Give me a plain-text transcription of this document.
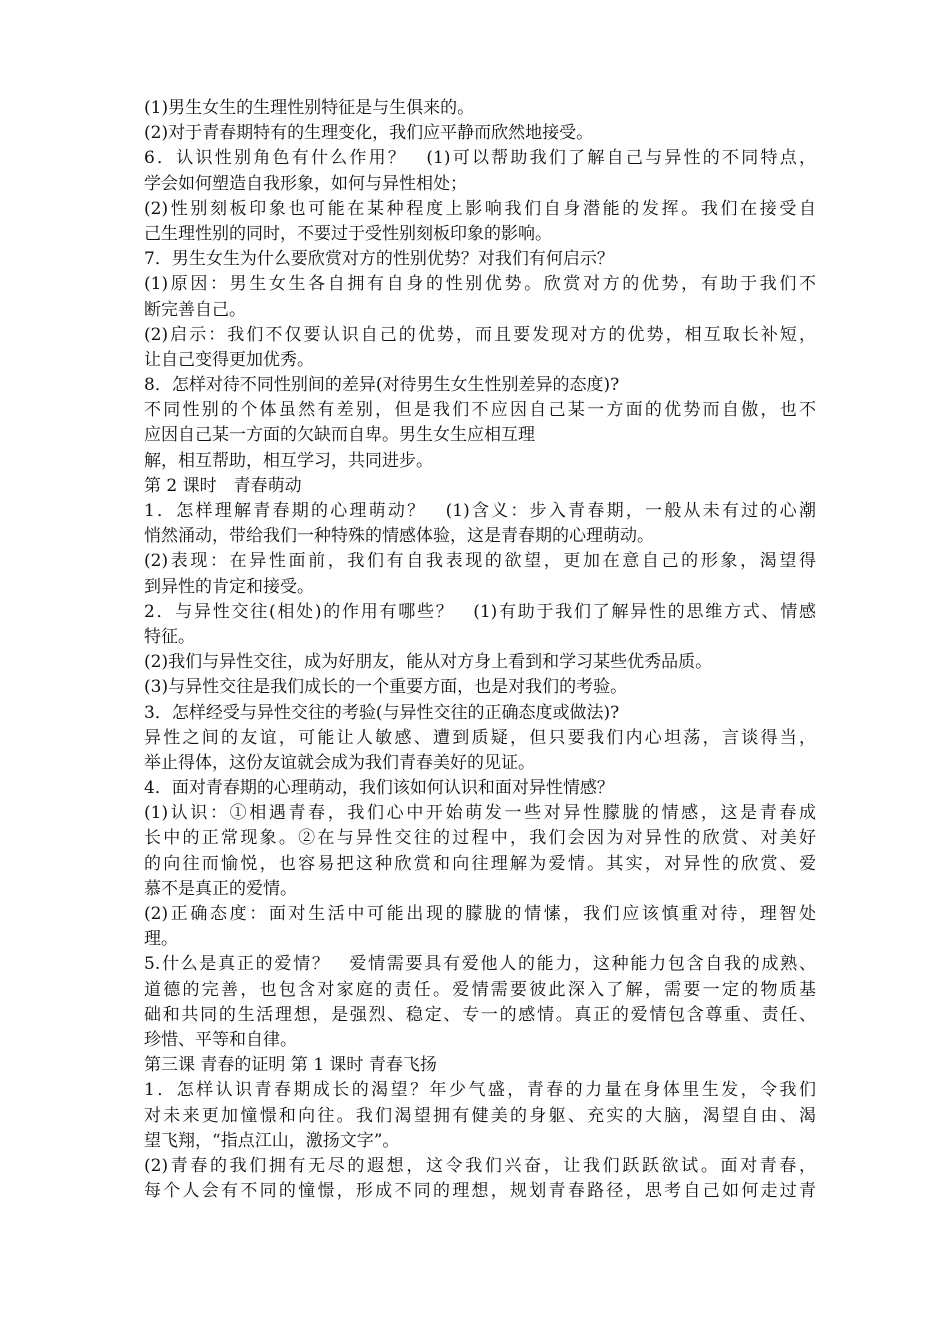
(1)男生女生的生理性别特征是与生俱来的。
(2)对于青春期特有的生理变化，我们应平静而欣然地接受。
6．认识性别角色有什么作用？　(1)可以帮助我们了解自己与异性的不同特点，
学会如何塑造自我形象，如何与异性相处；
(2)性别刻板印象也可能在某种程度上影响我们自身潜能的发挥。我们在接受自
己生理性别的同时，不要过于受性别刻板印象的影响。
7．男生女生为什么要欣赏对方的性别优势？对我们有何启示？
(1)原因：男生女生各自拥有自身的性别优势。欣赏对方的优势，有助于我们不
断完善自己。
(2)启示：我们不仅要认识自己的优势，而且要发现对方的优势，相互取长补短，
让自己变得更加优秀。
8．怎样对待不同性别间的差异(对待男生女生性别差异的态度)?
不同性别的个体虽然有差别，但是我们不应因自己某一方面的优势而自傲，也不
应因自己某一方面的欠缺而自卑。男生女生应相互理
解，相互帮助，相互学习，共同进步。
第 2 课时　青春萌动
1．怎样理解青春期的心理萌动？　(1)含义：步入青春期，一般从未有过的心潮
悄然涌动，带给我们一种特殊的情感体验，这是青春期的心理萌动。
(2)表现：在异性面前，我们有自我表现的欲望，更加在意自己的形象，渴望得
到异性的肯定和接受。
2．与异性交往(相处)的作用有哪些？　(1)有助于我们了解异性的思维方式、情感
特征。
(2)我们与异性交往，成为好朋友，能从对方身上看到和学习某些优秀品质。
(3)与异性交往是我们成长的一个重要方面，也是对我们的考验。
3．怎样经受与异性交往的考验(与异性交往的正确态度或做法)?
异性之间的友谊，可能让人敏感、遭到质疑，但只要我们内心坦荡，言谈得当，
举止得体，这份友谊就会成为我们青春美好的见证。
4．面对青春期的心理萌动，我们该如何认识和面对异性情感？
(1)认识：①相遇青春，我们心中开始萌发一些对异性朦胧的情感，这是青春成
长中的正常现象。②在与异性交往的过程中，我们会因为对异性的欣赏、对美好
的向往而愉悦，也容易把这种欣赏和向往理解为爱情。其实，对异性的欣赏、爱
慕不是真正的爱情。
(2)正确态度：面对生活中可能出现的朦胧的情愫，我们应该慎重对待，理智处
理。
5.什么是真正的爱情？　爱情需要具有爱他人的能力，这种能力包含自我的成熟、
道德的完善，也包含对家庭的责任。爱情需要彼此深入了解，需要一定的物质基
础和共同的生活理想，是强烈、稳定、专一的感情。真正的爱情包含尊重、责任、
珍惜、平等和自律。
第三课 青春的证明 第 1 课时 青春飞扬
1．怎样认识青春期成长的渴望？年少气盛，青春的力量在身体里生发，令我们
对未来更加憧憬和向往。我们渴望拥有健美的身躯、充实的大脑，渴望自由、渴
望飞翔，“指点江山，激扬文字”。
(2)青春的我们拥有无尽的遐想，这令我们兴奋，让我们跃跃欲试。面对青春，
每个人会有不同的憧憬，形成不同的理想，规划青春路径，思考自己如何走过青
